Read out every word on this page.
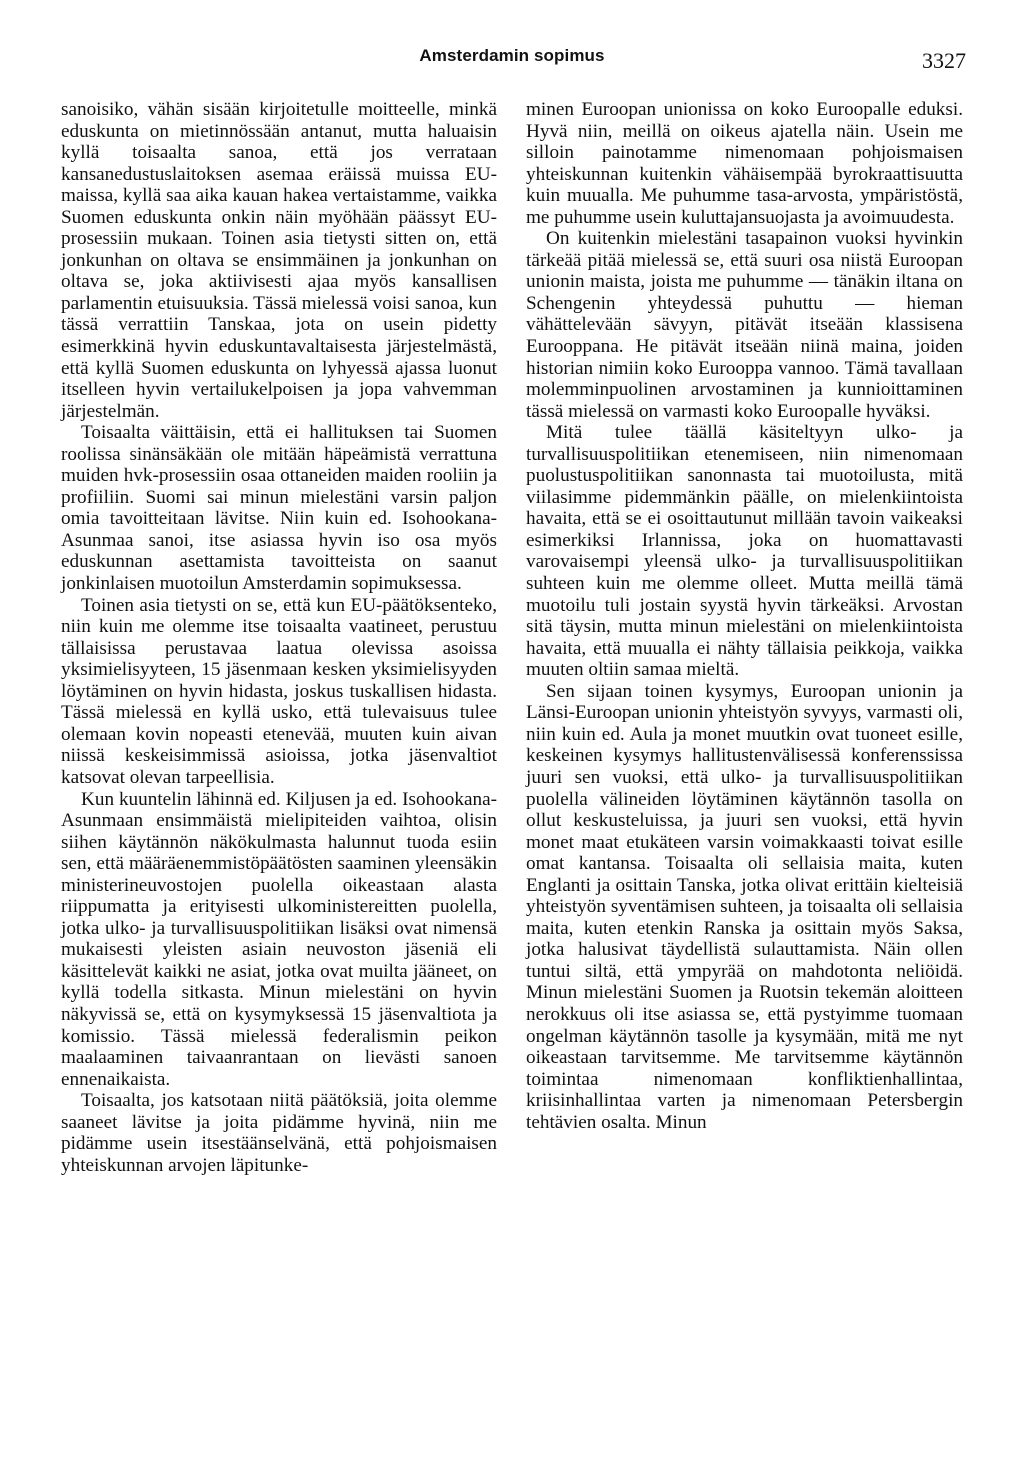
Amsterdamin sopimus	3327

sanoisiko, vähän sisään kirjoitetulle moitteelle, minkä eduskunta on mietinnössään antanut, mutta haluaisin kyllä toisaalta sanoa, että jos verrataan kansanedustuslaitoksen asemaa eräissä muissa EU-maissa, kyllä saa aika kauan hakea vertaistamme, vaikka Suomen eduskunta onkin näin myöhään päässyt EU-prosessiin mukaan. Toinen asia tietysti sitten on, että jonkunhan on oltava se ensimmäinen ja jonkunhan on oltava se, joka aktiivisesti ajaa myös kansallisen parlamentin etuisuuksia. Tässä mielessä voisi sanoa, kun tässä verrattiin Tanskaa, jota on usein pidetty esimerkkinä hyvin eduskuntavaltaisesta järjestelmästä, että kyllä Suomen eduskunta on lyhyessä ajassa luonut itselleen hyvin vertailukelpoisen ja jopa vahvemman järjestelmän.

Toisaalta väittäisin, että ei hallituksen tai Suomen roolissa sinänsäkään ole mitään häpeämistä verrattuna muiden hvk-prosessiin osaa ottaneiden maiden rooliin ja profiiliin. Suomi sai minun mielestäni varsin paljon omia tavoitteitaan lävitse. Niin kuin ed. Isohookana-Asunmaa sanoi, itse asiassa hyvin iso osa myös eduskunnan asettamista tavoitteista on saanut jonkinlaisen muotoilun Amsterdamin sopimuksessa.

Toinen asia tietysti on se, että kun EU-päätöksenteko, niin kuin me olemme itse toisaalta vaatineet, perustuu tällaisissa perustavaa laatua olevissa asoissa yksimielisyyteen, 15 jäsenmaan kesken yksimielisyyden löytäminen on hyvin hidasta, joskus tuskallisen hidasta. Tässä mielessä en kyllä usko, että tulevaisuus tulee olemaan kovin nopeasti etenevää, muuten kuin aivan niissä keskeisimmissä asioissa, jotka jäsenvaltiot katsovat olevan tarpeellisia.

Kun kuuntelin lähinnä ed. Kiljusen ja ed. Isohookana-Asunmaan ensimmäistä mielipiteiden vaihtoa, olisin siihen käytännön näkökulmasta halunnut tuoda esiin sen, että määräenemmistöpäätösten saaminen yleensäkin ministerineuvostojen puolella oikeastaan alasta riippumatta ja erityisesti ulkoministereitten puolella, jotka ulko- ja turvallisuuspolitiikan lisäksi ovat nimensä mukaisesti yleisten asiain neuvoston jäseniä eli käsittelevät kaikki ne asiat, jotka ovat muilta jääneet, on kyllä todella sitkasta. Minun mielestäni on hyvin näkyvissä se, että on kysymyksessä 15 jäsenvaltiota ja komissio. Tässä mielessä federalismin peikon maalaaminen taivaanrantaan on lievästi sanoen ennenaikaista.

Toisaalta, jos katsotaan niitä päätöksiä, joita olemme saaneet lävitse ja joita pidämme hyvinä, niin me pidämme usein itsestäänselvänä, että pohjoismaisen yhteiskunnan arvojen läpitunke-

minen Euroopan unionissa on koko Euroopalle eduksi. Hyvä niin, meillä on oikeus ajatella näin. Usein me silloin painotamme nimenomaan pohjoismaisen yhteiskunnan kuitenkin vähäisempää byrokraattisuutta kuin muualla. Me puhumme tasa-arvosta, ympäristöstä, me puhumme usein kuluttajansuojasta ja avoimuudesta.

On kuitenkin mielestäni tasapainon vuoksi hyvinkin tärkeää pitää mielessä se, että suuri osa niistä Euroopan unionin maista, joista me puhumme — tänäkin iltana on Schengenin yhteydessä puhuttu — hieman vähättelevään sävyyn, pitävät itseään klassisena Eurooppana. He pitävät itseään niinä maina, joiden historian nimiin koko Eurooppa vannoo. Tämä tavallaan molemminpuolinen arvostaminen ja kunnioittaminen tässä mielessä on varmasti koko Euroopalle hyväksi.

Mitä tulee täällä käsiteltyyn ulko- ja turvallisuuspolitiikan etenemiseen, niin nimenomaan puolustuspolitiikan sanonnasta tai muotoilusta, mitä viilasimme pidemmänkin päälle, on mielenkiintoista havaita, että se ei osoittautunut millään tavoin vaikeaksi esimerkiksi Irlannissa, joka on huomattavasti varovaisempi yleensä ulko- ja turvallisuuspolitiikan suhteen kuin me olemme olleet. Mutta meillä tämä muotoilu tuli jostain syystä hyvin tärkeäksi. Arvostan sitä täysin, mutta minun mielestäni on mielenkiintoista havaita, että muualla ei nähty tällaisia peikkoja, vaikka muuten oltiin samaa mieltä.

Sen sijaan toinen kysymys, Euroopan unionin ja Länsi-Euroopan unionin yhteistyön syvyys, varmasti oli, niin kuin ed. Aula ja monet muutkin ovat tuoneet esille, keskeinen kysymys hallitustenvälisessä konferenssissa juuri sen vuoksi, että ulko- ja turvallisuuspolitiikan puolella välineiden löytäminen käytännön tasolla on ollut keskusteluissa, ja juuri sen vuoksi, että hyvin monet maat etukäteen varsin voimakkaasti toivat esille omat kantansa. Toisaalta oli sellaisia maita, kuten Englanti ja osittain Tanska, jotka olivat erittäin kielteisiä yhteistyön syventämisen suhteen, ja toisaalta oli sellaisia maita, kuten etenkin Ranska ja osittain myös Saksa, jotka halusivat täydellistä sulauttamista. Näin ollen tuntui siltä, että ympyrää on mahdotonta neliöidä. Minun mielestäni Suomen ja Ruotsin tekemän aloitteen nerokkuus oli itse asiassa se, että pystyimme tuomaan ongelman käytännön tasolle ja kysymään, mitä me nyt oikeastaan tarvitsemme. Me tarvitsemme käytännön toimintaa nimenomaan konfliktienhallintaa, kriisinhallintaa varten ja nimenomaan Petersbergin tehtävien osalta. Minun
